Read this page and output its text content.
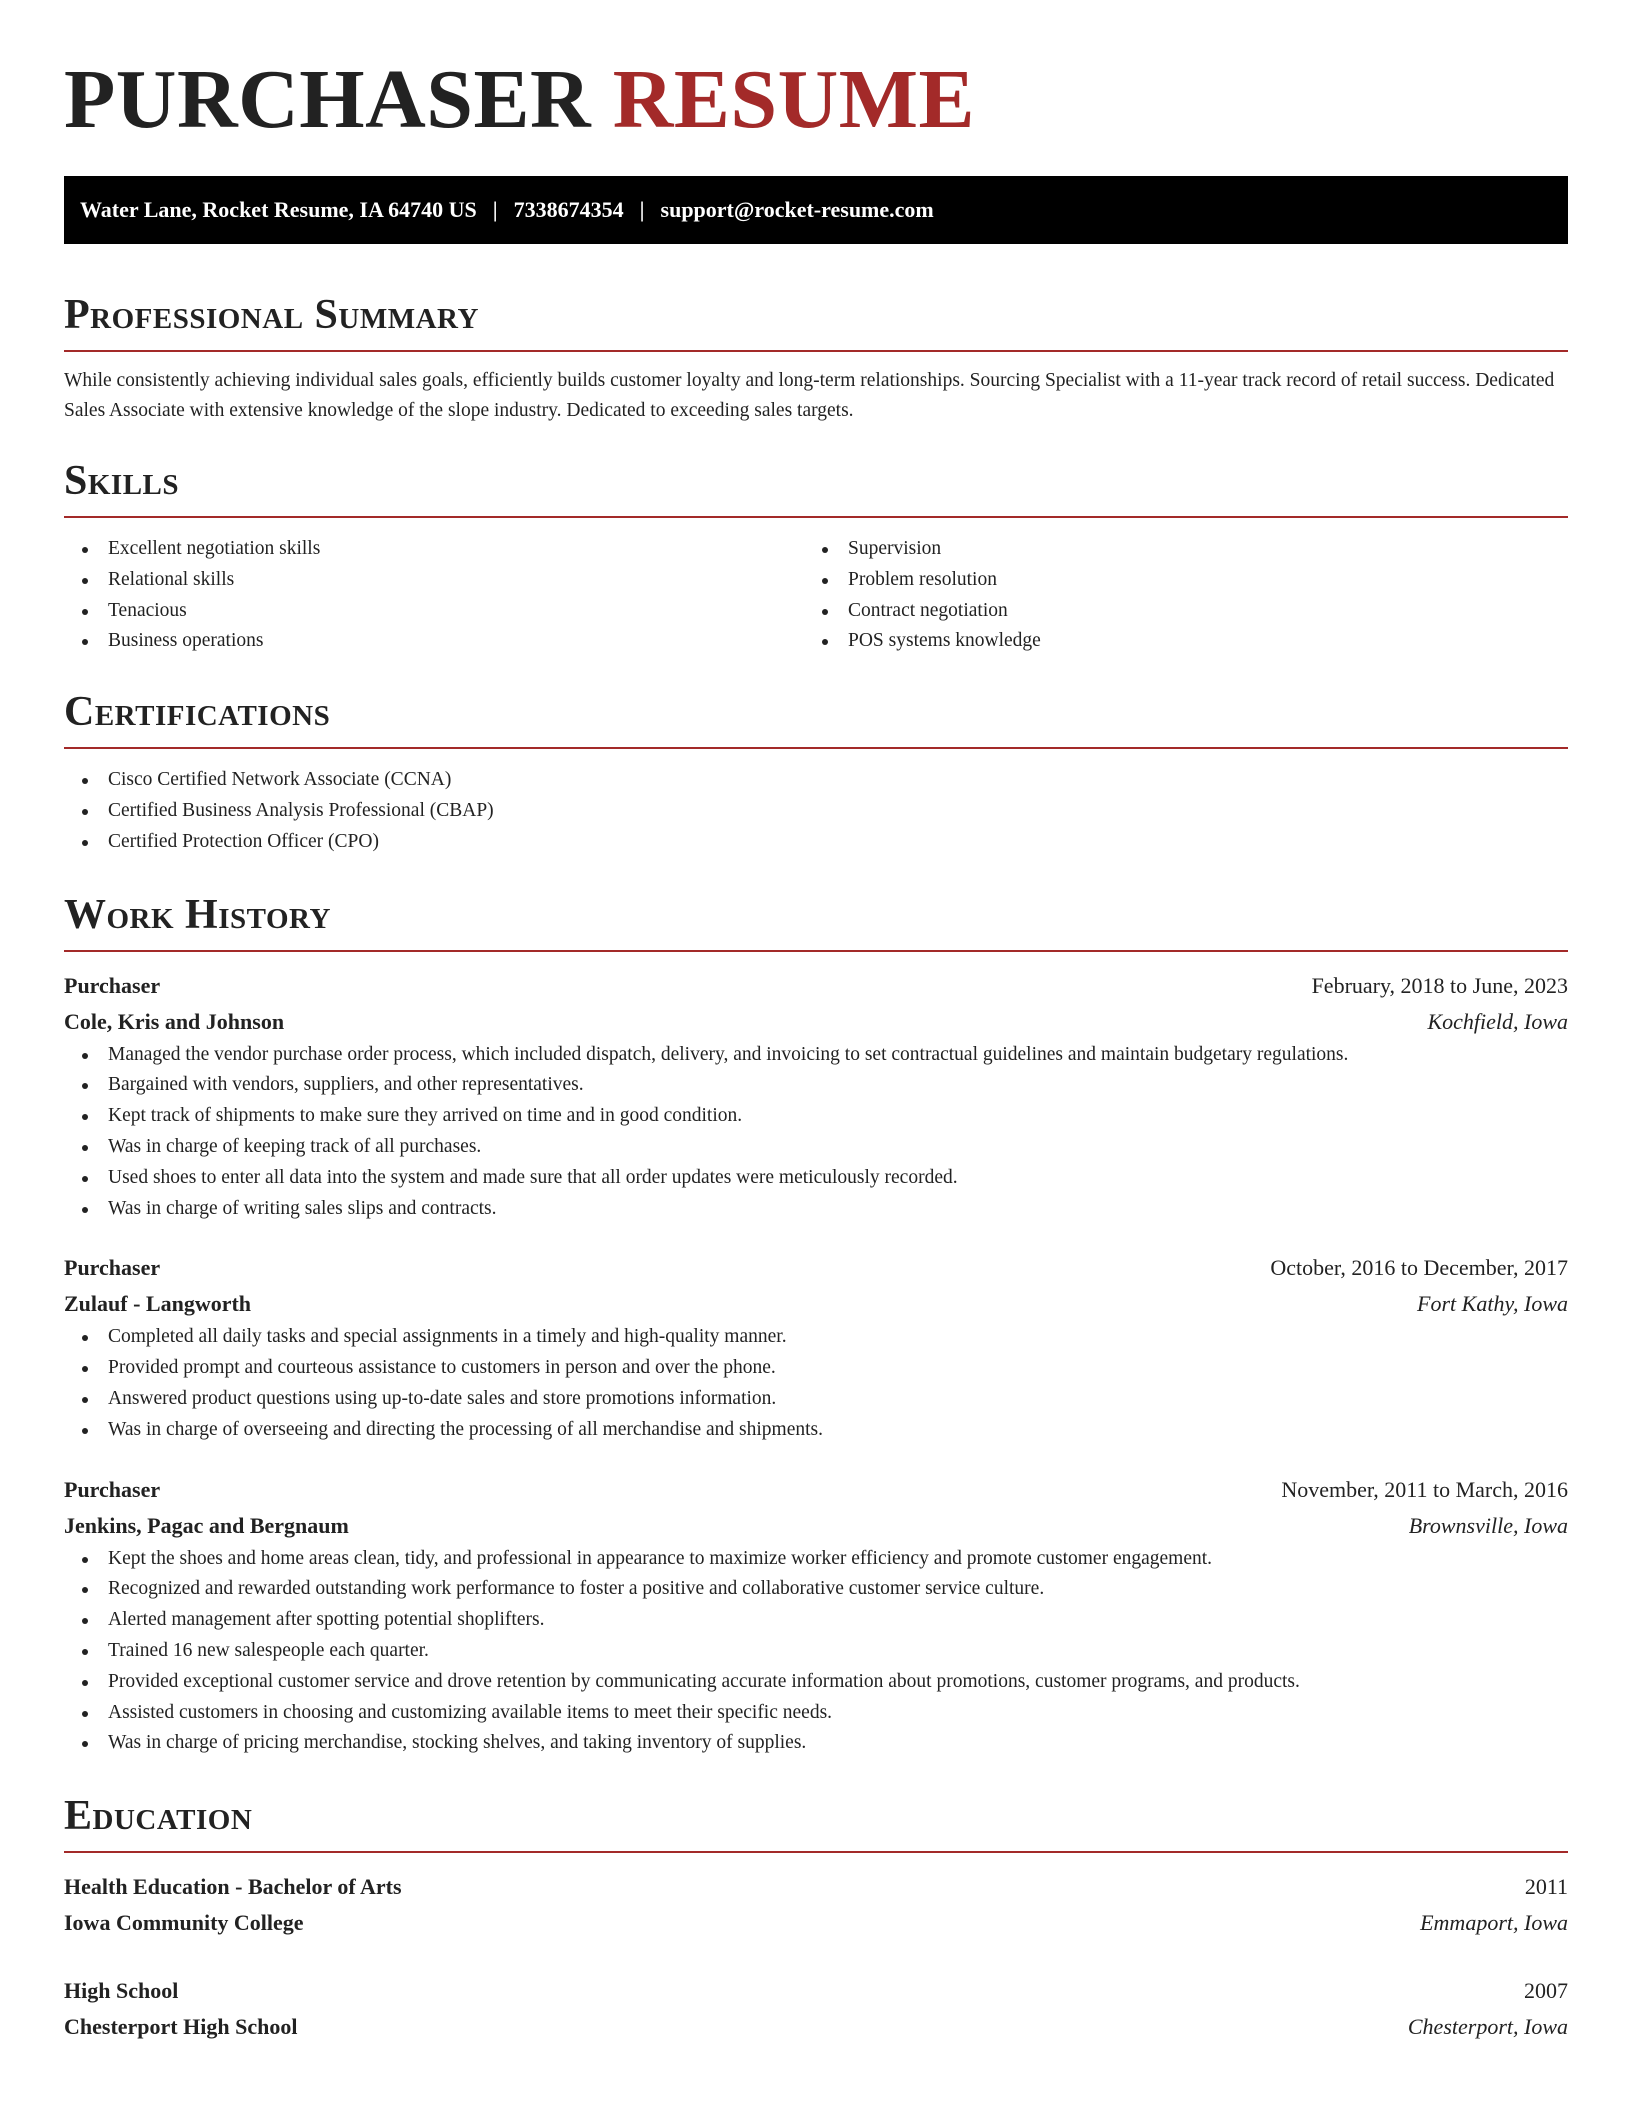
PURCHASER RESUME
Water Lane, Rocket Resume, IA 64740 US | 7338674354 | support@rocket-resume.com
Professional Summary

While consistently achieving individual sales goals, efficiently builds customer loyalty and long-term relationships. Sourcing Specialist with a 11-year track record of retail success. Dedicated Sales Associate with extensive knowledge of the slope industry. Dedicated to exceeding sales targets.

Skills
Excellent negotiation skills
Relational skills
Tenacious
Business operations
Supervision
Problem resolution
Contract negotiation
POS systems knowledge
Certifications
Cisco Certified Network Associate (CCNA)
Certified Business Analysis Professional (CBAP)
Certified Protection Officer (CPO)
Work History
Purchaser	February, 2018 to June, 2023
Cole, Kris and Johnson	Kochfield, Iowa
Managed the vendor purchase order process, which included dispatch, delivery, and invoicing to set contractual guidelines and maintain budgetary regulations.
Bargained with vendors, suppliers, and other representatives.
Kept track of shipments to make sure they arrived on time and in good condition.
Was in charge of keeping track of all purchases.
Used shoes to enter all data into the system and made sure that all order updates were meticulously recorded.
Was in charge of writing sales slips and contracts.
Purchaser	October, 2016 to December, 2017
Zulauf - Langworth	Fort Kathy, Iowa
Completed all daily tasks and special assignments in a timely and high-quality manner.
Provided prompt and courteous assistance to customers in person and over the phone.
Answered product questions using up-to-date sales and store promotions information.
Was in charge of overseeing and directing the processing of all merchandise and shipments.
Purchaser	November, 2011 to March, 2016
Jenkins, Pagac and Bergnaum	Brownsville, Iowa
Kept the shoes and home areas clean, tidy, and professional in appearance to maximize worker efficiency and promote customer engagement.
Recognized and rewarded outstanding work performance to foster a positive and collaborative customer service culture.
Alerted management after spotting potential shoplifters.
Trained 16 new salespeople each quarter.
Provided exceptional customer service and drove retention by communicating accurate information about promotions, customer programs, and products.
Assisted customers in choosing and customizing available items to meet their specific needs.
Was in charge of pricing merchandise, stocking shelves, and taking inventory of supplies.
Education
Health Education - Bachelor of Arts	2011
Iowa Community College	Emmaport, Iowa
High School	2007
Chesterport High School	Chesterport, Iowa
